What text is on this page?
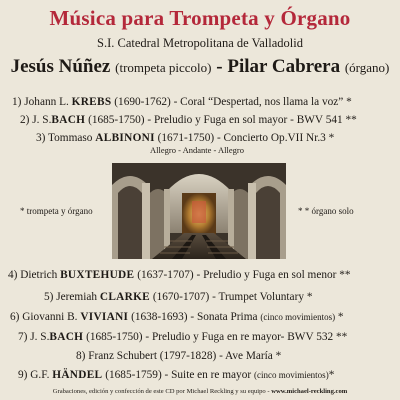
Música para Trompeta y Órgano
S.I. Catedral Metropolitana de Valladolid
Jesús Núñez (trompeta piccolo) - Pilar Cabrera (órgano)
1) Johann L. KREBS (1690-1762) - Coral “Despertad, nos llama la voz” *
2) J. S.BACH (1685-1750) - Preludio y Fuga en sol mayor - BWV 541 **
3) Tommaso ALBINONI (1671-1750) - Concierto Op.VII Nr.3 *
Allegro - Andante - Allegro
* trompeta y órgano	* * órgano solo
4) Dietrich BUXTEHUDE (1637-1707) - Preludio y Fuga en sol menor **
5) Jeremiah CLARKE (1670-1707) - Trumpet Voluntary *
6) Giovanni B. VIVIANI (1638-1693) - Sonata Prima (cinco movimientos) *
7) J. S.BACH (1685-1750) - Preludio y Fuga en re mayor- BWV 532 **
8) Franz Schubert (1797-1828) - Ave María *
9) G.F. HÄNDEL (1685-1759) - Suite en re mayor (cinco movimientos)*
Grabaciones, edición y confección de este CD por Michael Reckling y su equipo - www.michael-reckling.com
